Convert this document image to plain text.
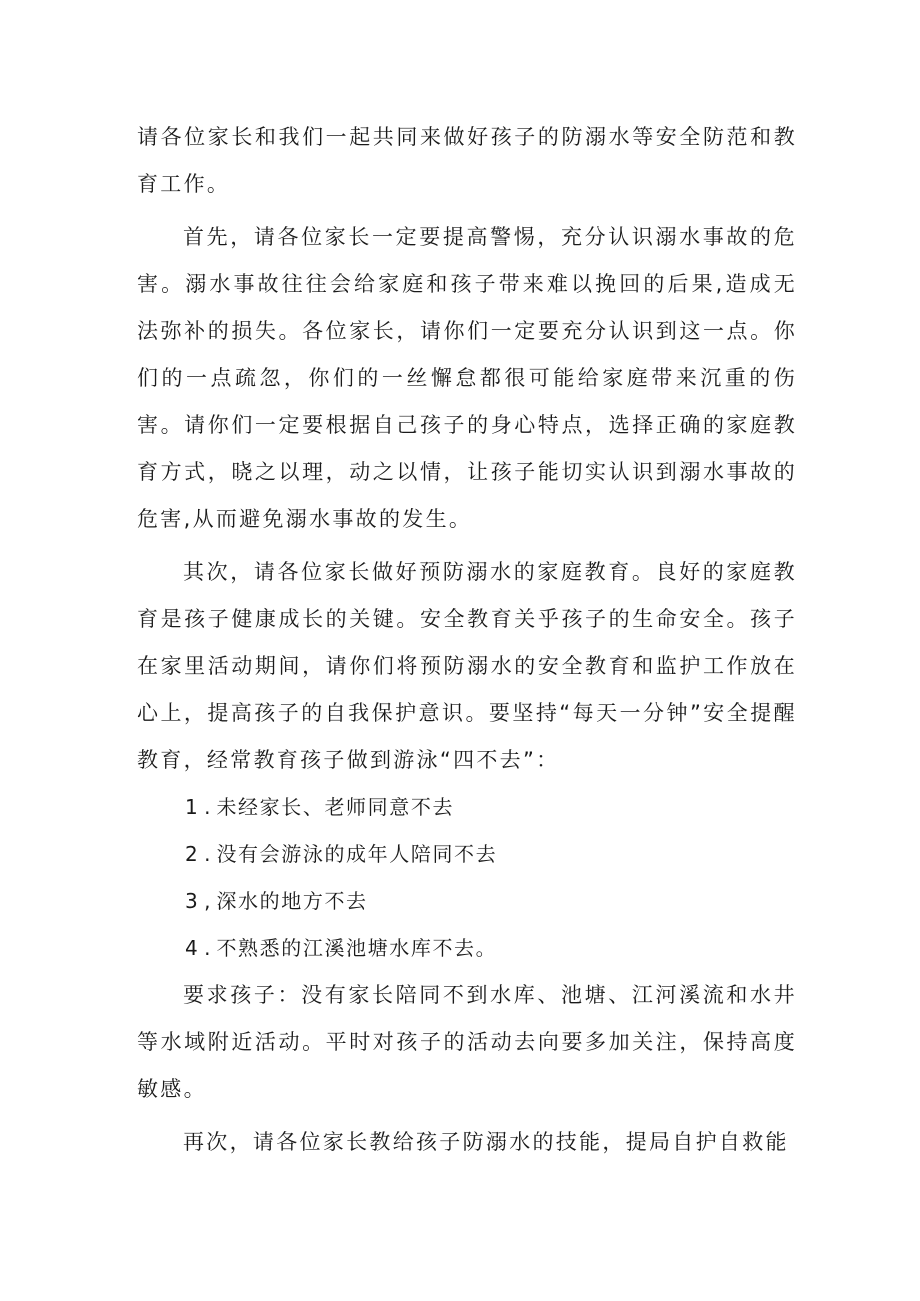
请各位家长和我们一起共同来做好孩子的防溺水等安全防范和教育工作。

首先，请各位家长一定要提高警惕，充分认识溺水事故的危害。溺水事故往往会给家庭和孩子带来难以挽回的后果,造成无法弥补的损失。各位家长，请你们一定要充分认识到这一点。你们的一点疏忽，你们的一丝懈怠都很可能给家庭带来沉重的伤害。请你们一定要根据自己孩子的身心特点，选择正确的家庭教育方式，晓之以理，动之以情，让孩子能切实认识到溺水事故的危害,从而避免溺水事故的发生。

其次，请各位家长做好预防溺水的家庭教育。良好的家庭教育是孩子健康成长的关键。安全教育关乎孩子的生命安全。孩子在家里活动期间，请你们将预防溺水的安全教育和监护工作放在心上，提高孩子的自我保护意识。要坚持“每天一分钟”安全提醒教育，经常教育孩子做到游泳“四不去”：

1 . 未经家长、老师同意不去

2 . 没有会游泳的成年人陪同不去

3 , 深水的地方不去

4 . 不熟悉的江溪池塘水库不去。

要求孩子：没有家长陪同不到水库、池塘、江河溪流和水井等水域附近活动。平时对孩子的活动去向要多加关注，保持高度敏感。

再次，请各位家长教给孩子防溺水的技能，提局自护自救能
